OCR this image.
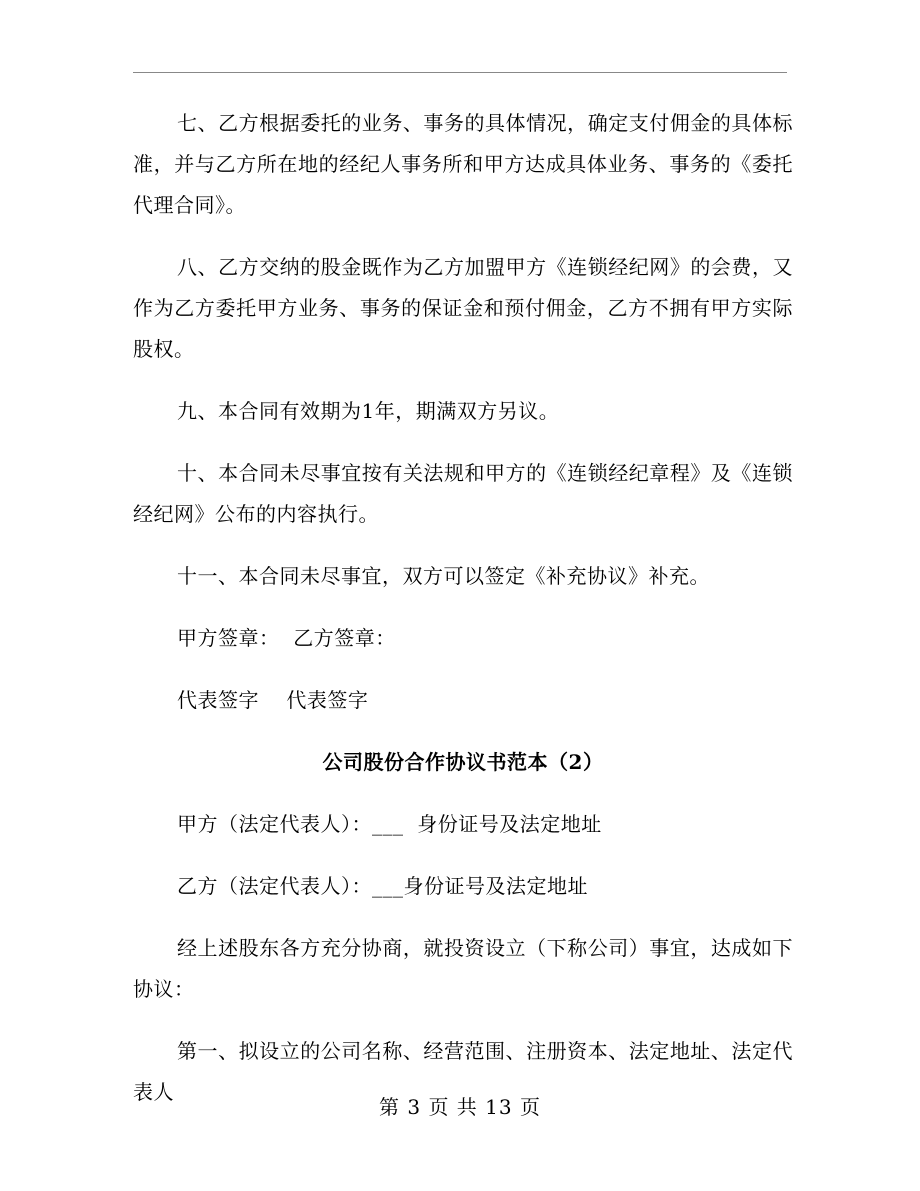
七、乙方根据委托的业务、事务的具体情况，确定支付佣金的具体标准，并与乙方所在地的经纪人事务所和甲方达成具体业务、事务的《委托代理合同》。

八、乙方交纳的股金既作为乙方加盟甲方《连锁经纪网》的会费，又作为乙方委托甲方业务、事务的保证金和预付佣金，乙方不拥有甲方实际股权。

九、本合同有效期为1年，期满双方另议。

十、本合同未尽事宜按有关法规和甲方的《连锁经纪章程》及《连锁经纪网》公布的内容执行。

十一、本合同未尽事宜，双方可以签定《补充协议》补充。

甲方签章：  乙方签章：

代表签字    代表签字

公司股份合作协议书范本（2）

甲方（法定代表人）：___  身份证号及法定地址

乙方（法定代表人）：___身份证号及法定地址

经上述股东各方充分协商，就投资设立（下称公司）事宜，达成如下协议：

第一、拟设立的公司名称、经营范围、注册资本、法定地址、法定代表人

第 3 页 共 13 页
